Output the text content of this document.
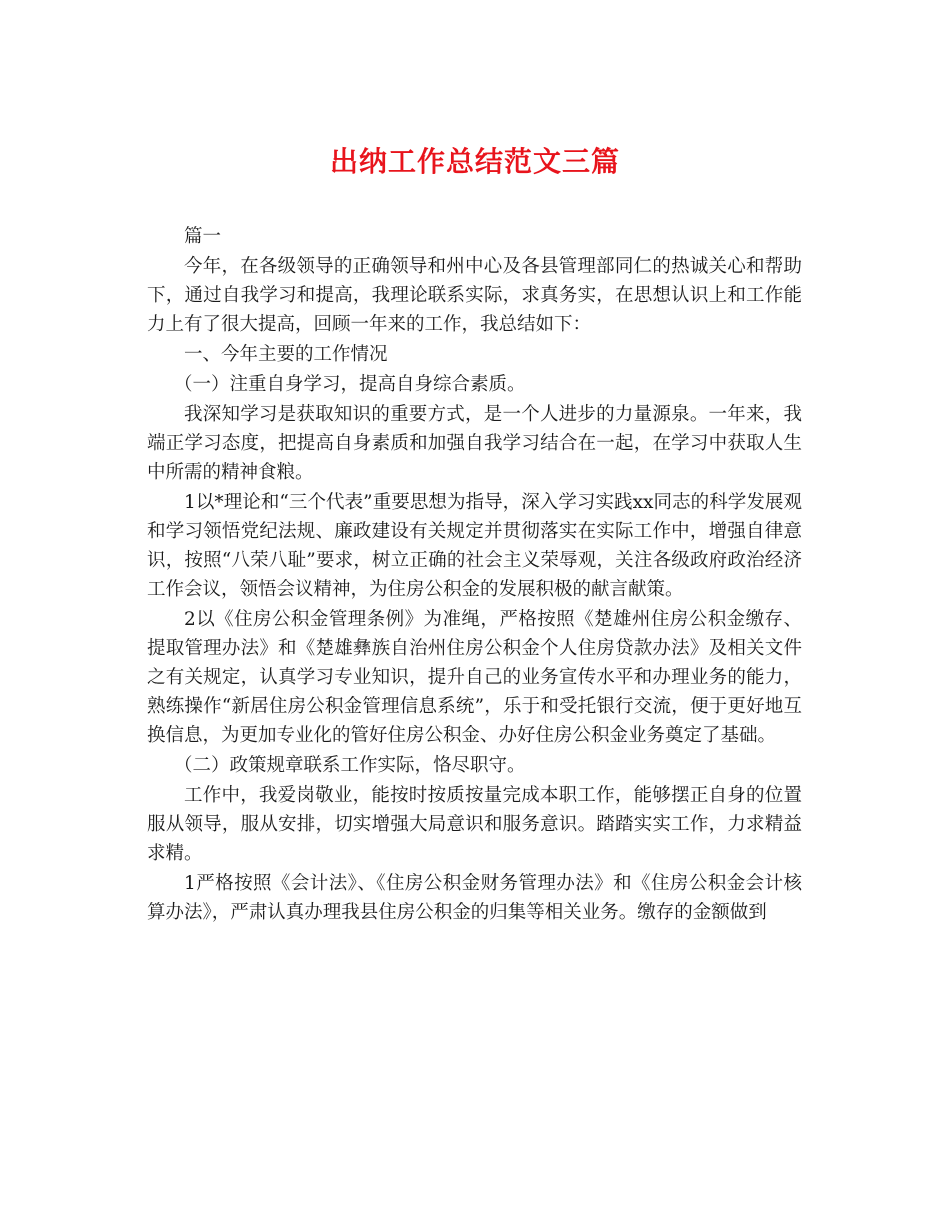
出纳工作总结范文三篇

篇一

今年，在各级领导的正确领导和州中心及各县管理部同仁的热诚关心和帮助下，通过自我学习和提高，我理论联系实际，求真务实，在思想认识上和工作能力上有了很大提高，回顾一年来的工作，我总结如下：

一、今年主要的工作情况

（一）注重自身学习，提高自身综合素质。

我深知学习是获取知识的重要方式，是一个人进步的力量源泉。一年来，我端正学习态度，把提高自身素质和加强自我学习结合在一起，在学习中获取人生中所需的精神食粮。

1以*理论和“三个代表”重要思想为指导，深入学习实践xx同志的科学发展观和学习领悟党纪法规、廉政建设有关规定并贯彻落实在实际工作中，增强自律意识，按照“八荣八耻”要求，树立正确的社会主义荣辱观，关注各级政府政治经济工作会议，领悟会议精神，为住房公积金的发展积极的献言献策。

2以《住房公积金管理条例》为准绳，严格按照《楚雄州住房公积金缴存、提取管理办法》和《楚雄彝族自治州住房公积金个人住房贷款办法》及相关文件之有关规定，认真学习专业知识，提升自己的业务宣传水平和办理业务的能力，熟练操作“新居住房公积金管理信息系统”，乐于和受托银行交流，便于更好地互换信息，为更加专业化的管好住房公积金、办好住房公积金业务奠定了基础。

（二）政策规章联系工作实际，恪尽职守。

工作中，我爱岗敬业，能按时按质按量完成本职工作，能够摆正自身的位置服从领导，服从安排，切实增强大局意识和服务意识。踏踏实实工作，力求精益求精。

1严格按照《会计法》、《住房公积金财务管理办法》和《住房公积金会计核算办法》，严肃认真办理我县住房公积金的归集等相关业务。缴存的金额做到
